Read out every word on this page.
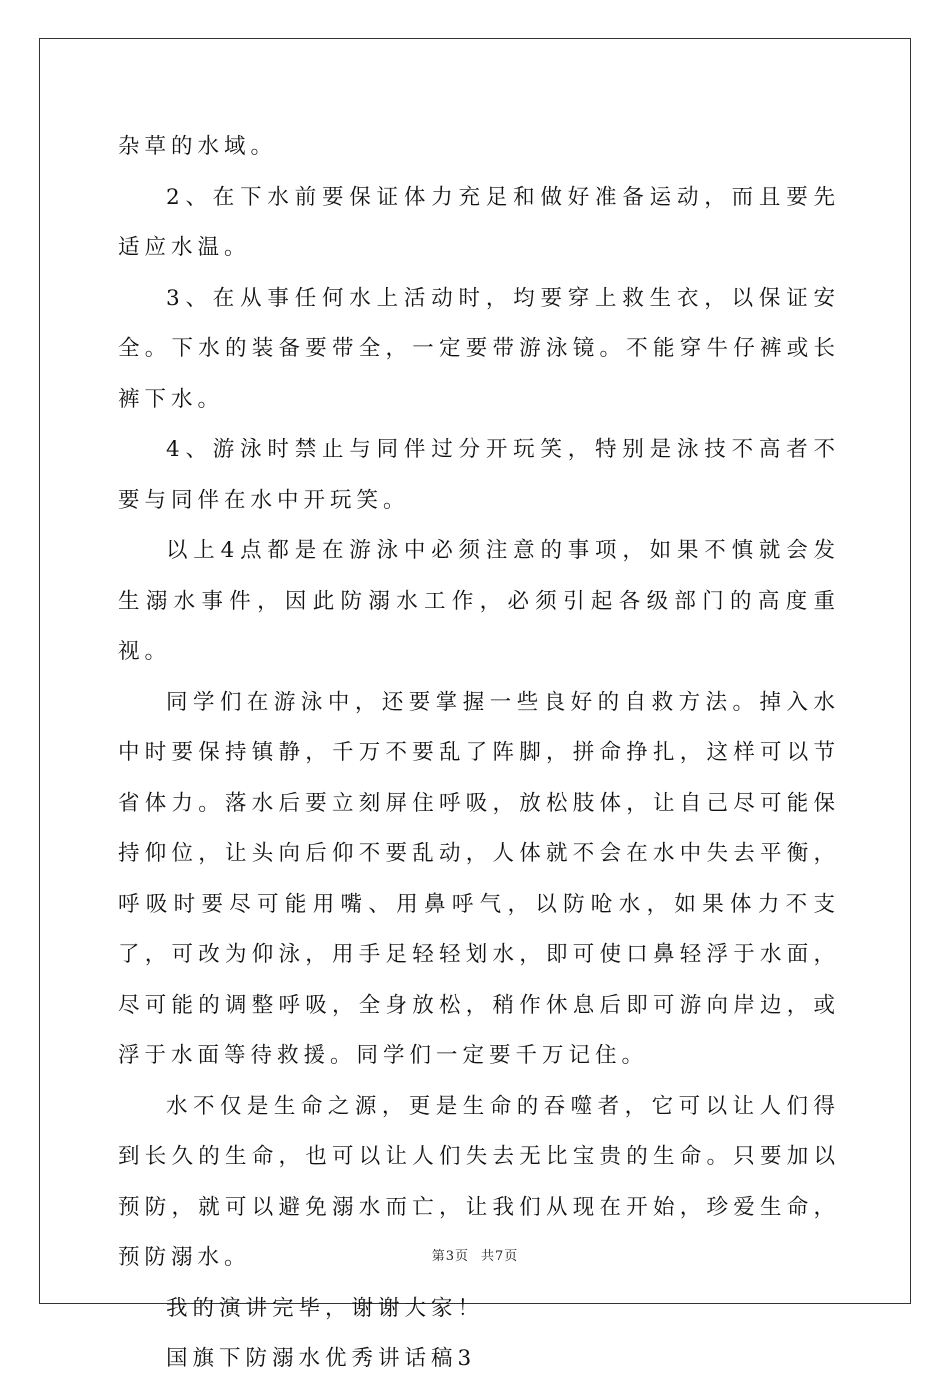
杂草的水域。

2、在下水前要保证体力充足和做好准备运动，而且要先适应水温。

3、在从事任何水上活动时，均要穿上救生衣，以保证安全。下水的装备要带全，一定要带游泳镜。不能穿牛仔裤或长裤下水。

4、游泳时禁止与同伴过分开玩笑，特别是泳技不高者不要与同伴在水中开玩笑。

以上4点都是在游泳中必须注意的事项，如果不慎就会发生溺水事件，因此防溺水工作，必须引起各级部门的高度重视。

同学们在游泳中，还要掌握一些良好的自救方法。掉入水中时要保持镇静，千万不要乱了阵脚，拼命挣扎，这样可以节省体力。落水后要立刻屏住呼吸，放松肢体，让自己尽可能保持仰位，让头向后仰不要乱动，人体就不会在水中失去平衡，呼吸时要尽可能用嘴、用鼻呼气，以防呛水，如果体力不支了，可改为仰泳，用手足轻轻划水，即可使口鼻轻浮于水面，尽可能的调整呼吸，全身放松，稍作休息后即可游向岸边，或浮于水面等待救援。同学们一定要千万记住。

水不仅是生命之源，更是生命的吞噬者，它可以让人们得到长久的生命，也可以让人们失去无比宝贵的生命。只要加以预防，就可以避免溺水而亡，让我们从现在开始，珍爱生命，预防溺水。

我的演讲完毕，谢谢大家！

国旗下防溺水优秀讲话稿3

第3页 共7页
